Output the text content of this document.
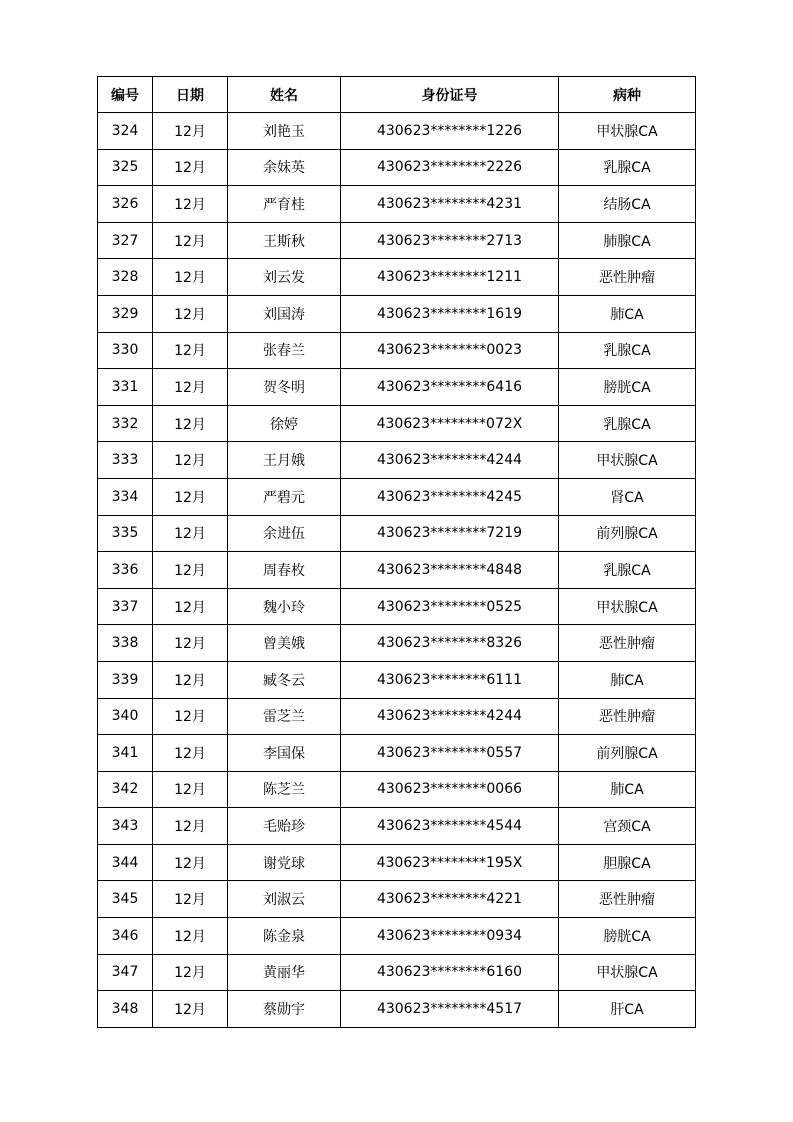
编号	日期	姓名	身份证号	病种
324	12月	刘艳玉	430623********1226	甲状腺CA
325	12月	余妹英	430623********2226	乳腺CA
326	12月	严育桂	430623********4231	结肠CA
327	12月	王斯秋	430623********2713	肺腺CA
328	12月	刘云发	430623********1211	恶性肿瘤
329	12月	刘国涛	430623********1619	肺CA
330	12月	张春兰	430623********0023	乳腺CA
331	12月	贺冬明	430623********6416	膀胱CA
332	12月	徐婷	430623********072X	乳腺CA
333	12月	王月娥	430623********4244	甲状腺CA
334	12月	严碧元	430623********4245	肾CA
335	12月	余进伍	430623********7219	前列腺CA
336	12月	周春枚	430623********4848	乳腺CA
337	12月	魏小玲	430623********0525	甲状腺CA
338	12月	曾美娥	430623********8326	恶性肿瘤
339	12月	臧冬云	430623********6111	肺CA
340	12月	雷芝兰	430623********4244	恶性肿瘤
341	12月	李国保	430623********0557	前列腺CA
342	12月	陈芝兰	430623********0066	肺CA
343	12月	毛贻珍	430623********4544	宫颈CA
344	12月	谢党球	430623********195X	胆腺CA
345	12月	刘淑云	430623********4221	恶性肿瘤
346	12月	陈金泉	430623********0934	膀胱CA
347	12月	黄丽华	430623********6160	甲状腺CA
348	12月	蔡勋宇	430623********4517	肝CA
